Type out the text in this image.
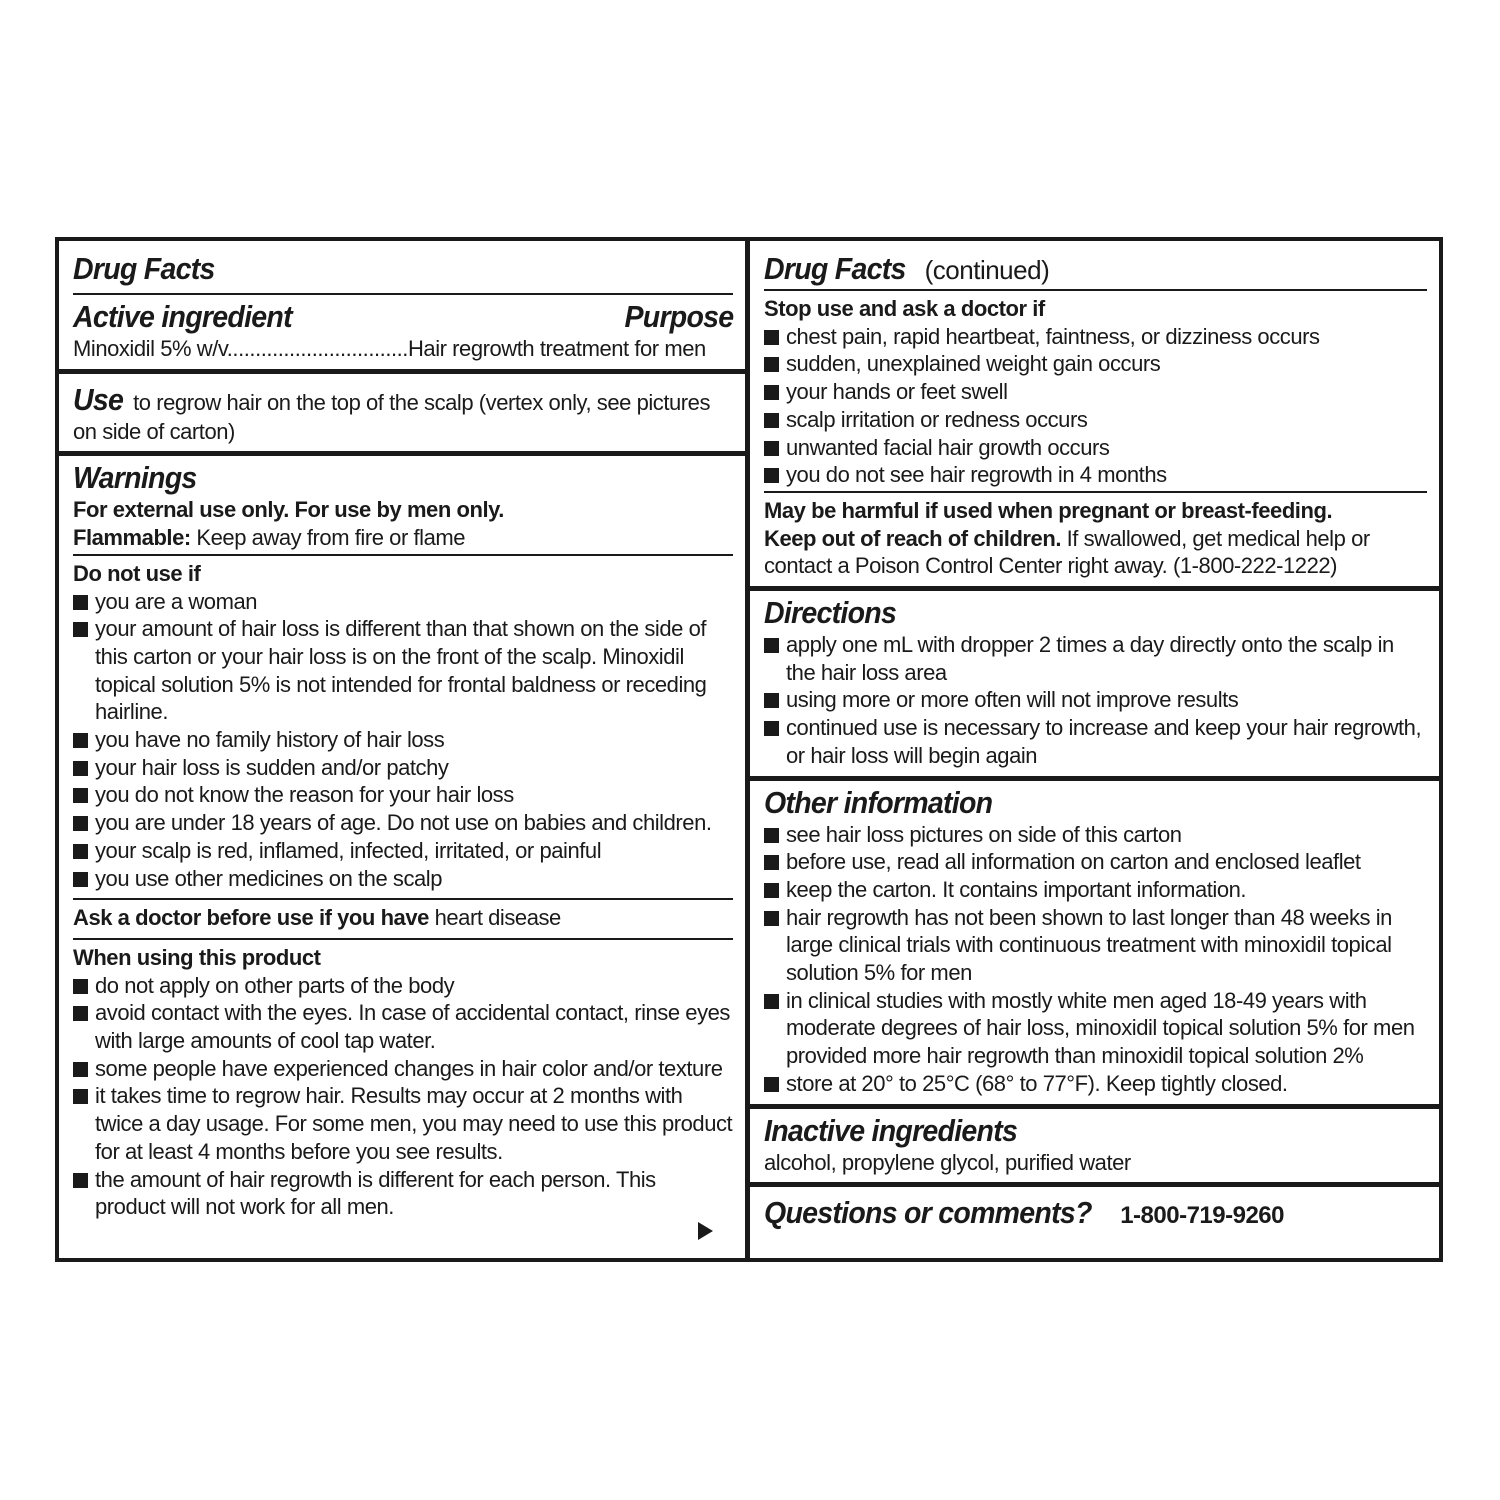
Drug Facts
Active ingredient	Purpose
Minoxidil 5% w/v................................Hair regrowth treatment for men
Use to regrow hair on the top of the scalp (vertex only, see pictures on side of carton)
Warnings
For external use only. For use by men only.
Flammable: Keep away from fire or flame
Do not use if
you are a woman
your amount of hair loss is different than that shown on the side of this carton or your hair loss is on the front of the scalp. Minoxidil topical solution 5% is not intended for frontal baldness or receding hairline.
you have no family history of hair loss
your hair loss is sudden and/or patchy
you do not know the reason for your hair loss
you are under 18 years of age. Do not use on babies and children.
your scalp is red, inflamed, infected, irritated, or painful
you use other medicines on the scalp
Ask a doctor before use if you have heart disease
When using this product
do not apply on other parts of the body
avoid contact with the eyes. In case of accidental contact, rinse eyes with large amounts of cool tap water.
some people have experienced changes in hair color and/or texture
it takes time to regrow hair. Results may occur at 2 months with twice a day usage. For some men, you may need to use this product for at least 4 months before you see results.
the amount of hair regrowth is different for each person. This product will not work for all men.
Drug Facts (continued)
Stop use and ask a doctor if
chest pain, rapid heartbeat, faintness, or dizziness occurs
sudden, unexplained weight gain occurs
your hands or feet swell
scalp irritation or redness occurs
unwanted facial hair growth occurs
you do not see hair regrowth in 4 months
May be harmful if used when pregnant or breast-feeding.
Keep out of reach of children. If swallowed, get medical help or contact a Poison Control Center right away. (1-800-222-1222)
Directions
apply one mL with dropper 2 times a day directly onto the scalp in the hair loss area
using more or more often will not improve results
continued use is necessary to increase and keep your hair regrowth, or hair loss will begin again
Other information
see hair loss pictures on side of this carton
before use, read all information on carton and enclosed leaflet
keep the carton. It contains important information.
hair regrowth has not been shown to last longer than 48 weeks in large clinical trials with continuous treatment with minoxidil topical solution 5% for men
in clinical studies with mostly white men aged 18-49 years with moderate degrees of hair loss, minoxidil topical solution 5% for men provided more hair regrowth than minoxidil topical solution 2%
store at 20° to 25°C (68° to 77°F). Keep tightly closed.
Inactive ingredients
alcohol, propylene glycol, purified water
Questions or comments? 1-800-719-9260
